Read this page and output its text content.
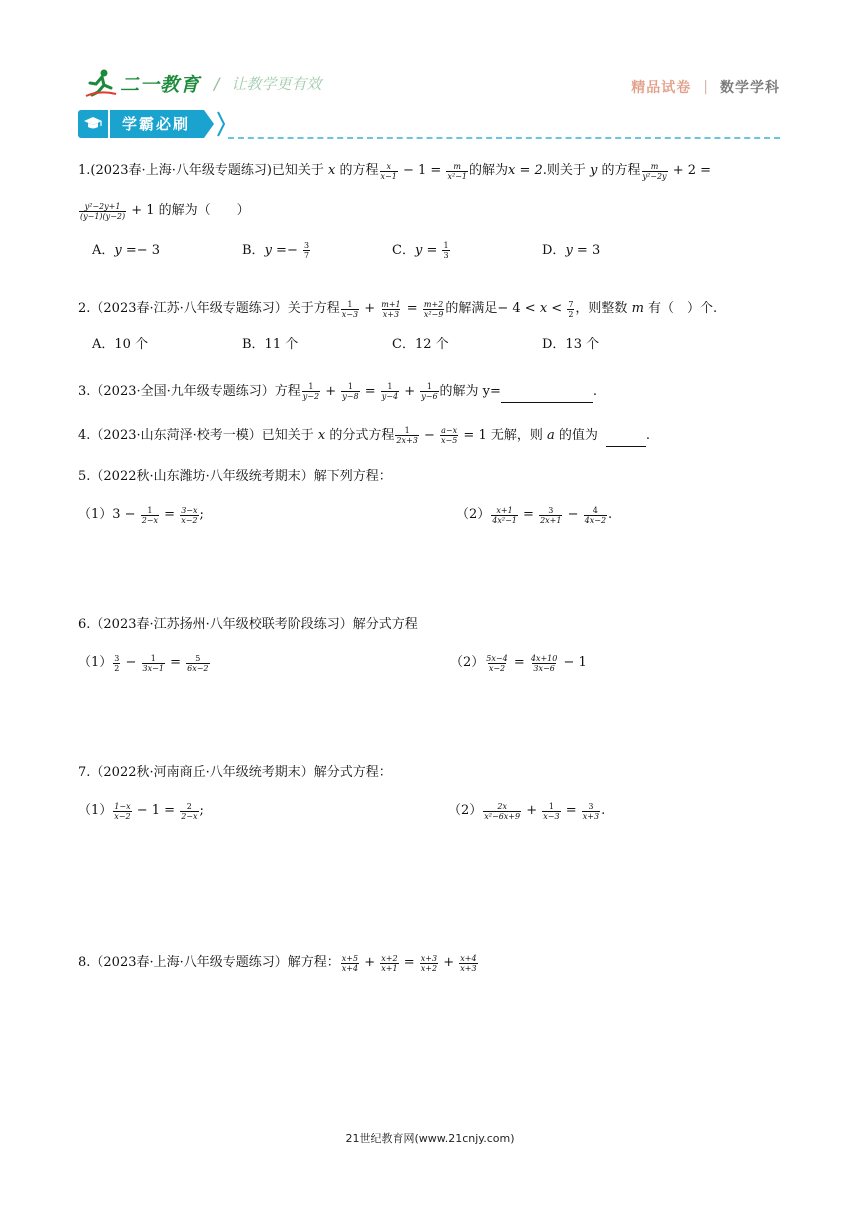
二一教育 / 让教学更有效	精品试卷 | 数学学科
学霸必刷
1. (2023春·上海·八年级专题练习) 已知关于 x 的方程 $\frac{x}{x-1} - 1 = \frac{m}{\text{x²−1}}$ 的解为 x = 2 .则关于 y 的方程 $\frac{m}{\text{y²−2y}} + 2$ =
$\frac{\text{y²−2y+1}}{(y-1)(y-2)} + 1$ 的解为（　　）
A．y =− 3	B．$y =- \frac{3}{7}$	C．$y = \frac{1}{3}$	D．y = 3
2. （2023春·江苏·八年级专题练习） 关于方程 $\frac{1}{x-3} + \frac{m+1}{x+3} = \frac{m+2}{\text{x²−9}}$ 的解满足 − $4 < x < \frac{7}{2}$ ，则整数 m 有（　）个.
A．10 个	B．11 个	C．12 个	D．13 个
3. （2023·全国·九年级专题练习） 方程 $\frac{1}{y-2} + \frac{1}{y-8} = \frac{1}{y-4} + \frac{1}{y-6}$ 的解为 y=
	.
4. （2023·山东菏泽·校考一模） 已知关于 x 的分式方程 $\frac{1}{2x+3} - \frac{a-x}{x-5} = 1$ 无解，则 a 的值为
	.
5. （2022秋·山东潍坊·八年级统考期末） 解下列方程：
（1） $3 - \frac{1}{2-x} = \frac{3-x}{x-2}$ ;	$(2) \frac{x+1}{\text{4x²−1}} = \frac{3}{2x+1} - \frac{4}{4x-2}$ .
6. （2023春·江苏扬州·八年级校联考阶段练习） 解分式方程
$(1) \frac{3}{2} - \frac{1}{3x-1} = \frac{5}{6x-2}$	$(2) \frac{5x-4}{x-2} = \frac{4x+10}{3x-6} - 1$
7. （2022秋·河南商丘·八年级统考期末） 解分式方程：
$(1) \frac{1-x}{x-2} - 1 = \frac{2}{2-x}$ ;	$(2) \frac{2x}{\text{x²−6x+9}} + \frac{1}{x-3} = \frac{3}{x+3}$ .
8. （2023春·上海·八年级专题练习） 解方程： $\frac{x+5}{x+4} + \frac{x+2}{x+1} = \frac{x+3}{x+2} + \frac{x+4}{x+3}$
21世纪教育网(www.21cnjy.com)
